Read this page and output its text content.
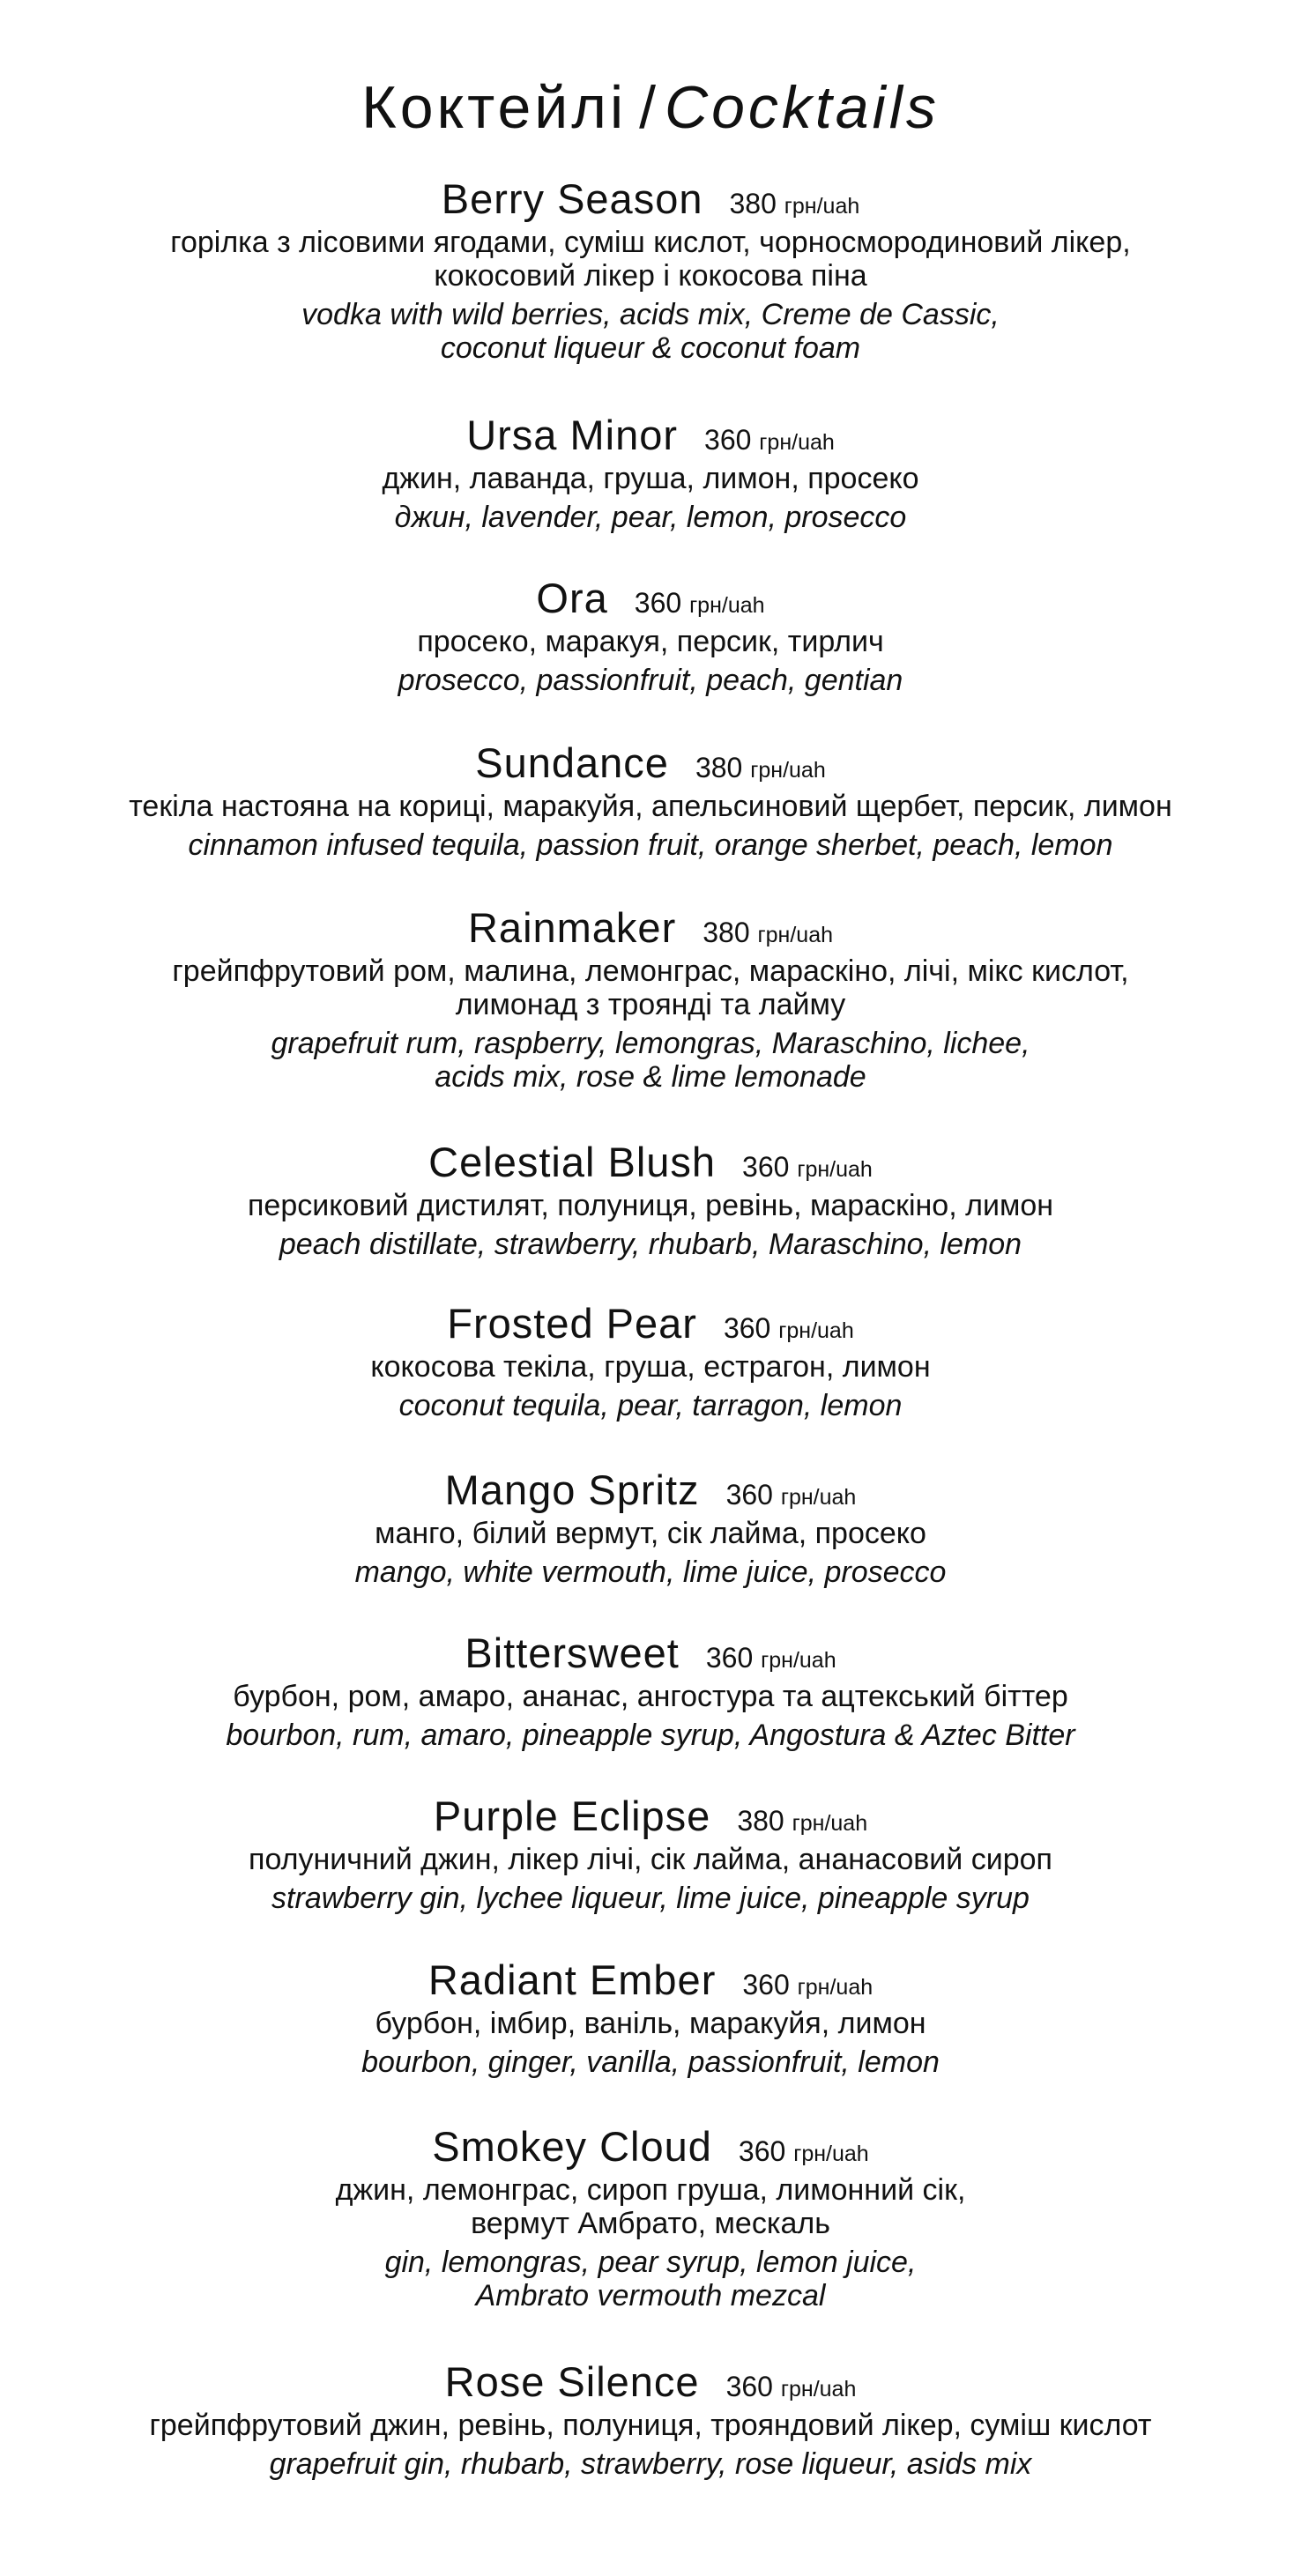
Коктейлі /Cocktails
Berry Season 380 грн/uah
горілка з лісовими ягодами, суміш кислот, чорносмородиновий лікер,
кокосовий лікер і кокосова піна
vodka with wild berries, acids mix, Creme de Cassic,
coconut liqueur & coconut foam
Ursa Minor 360 грн/uah
джин, лаванда, груша, лимон, просеко
джин, lavender, pear, lemon, prosecco
Ora 360 грн/uah
просеко, маракуя, персик, тирлич
prosecco, passionfruit, peach, gentian
Sundance 380 грн/uah
текіла настояна на кориці, маракуйя, апельсиновий щербет, персик, лимон
cinnamon infused tequila, passion fruit, orange sherbet, peach, lemon
Rainmaker 380 грн/uah
грейпфрутовий ром, малина, лемонграс, мараскіно, лічі, мікс кислот,
лимонад з трояндi та лайму
grapefruit rum, raspberry, lemongras, Maraschino, lichee,
acids mix, rose & lime lemonade
Celestial Blush 360 грн/uah
персиковий дистилят, полуниця, ревінь, мараскіно, лимон
peach distillate, strawberry, rhubarb, Maraschino, lemon
Frosted Pear 360 грн/uah
кокосова текіла, груша, естрагон, лимон
coconut tequila, pear, tarragon, lemon
Mango Spritz 360 грн/uah
манго, білий вермут, сік лайма, просеко
mango, white vermouth, lime juice, prosecco
Bittersweet 360 грн/uah
бурбон, ром, амаро, ананас, ангостура та ацтекський біттер
bourbon, rum, amaro, pineapple syrup, Angostura & Aztec Bitter
Purple Eclipse 380 грн/uah
полуничний джин, лікер лічі, сік лайма, ананасовий сироп
strawberry gin, lychee liqueur, lime juice, pineapple syrup
Radiant Ember 360 грн/uah
бурбон, імбир, ваніль, маракуйя, лимон
bourbon, ginger, vanilla, passionfruit, lemon
Smokey Cloud 360 грн/uah
джин, лемонграс, сироп груша, лимонний сік,
вермут Амбрато, мескаль
gin, lemongras, pear syrup, lemon juice,
Ambrato vermouth mezcal
Rose Silence 360 грн/uah
грейпфрутовий джин, ревінь, полуниця, трояндовий лікер, суміш кислот
grapefruit gin, rhubarb, strawberry, rose liqueur, asids mix
